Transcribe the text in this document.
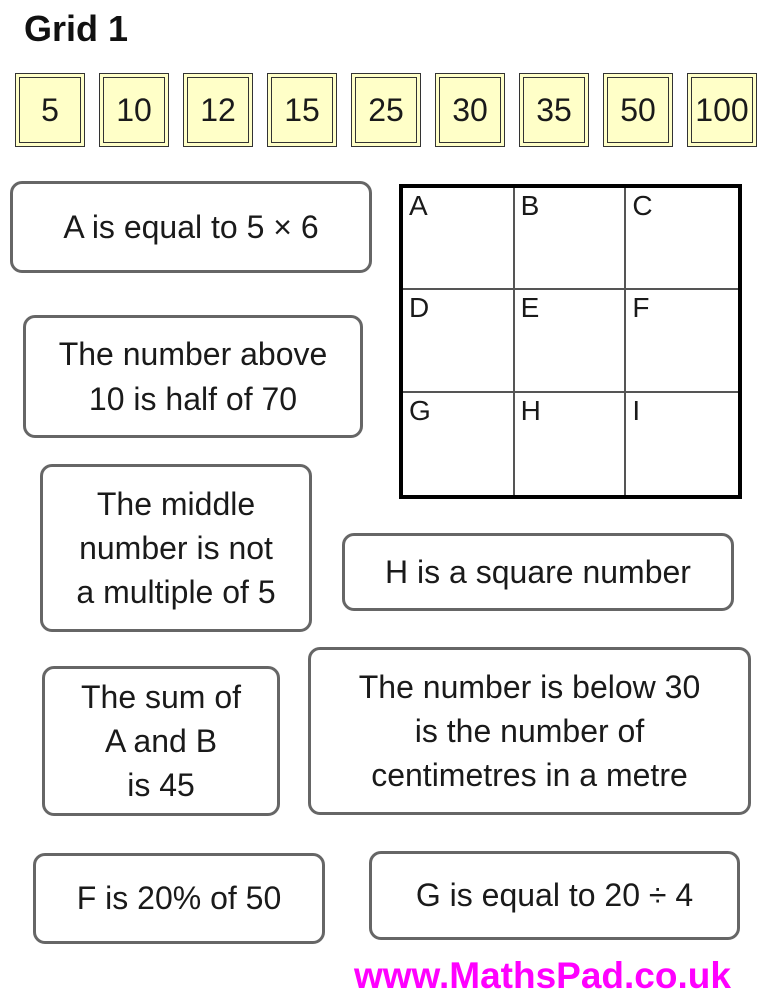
Grid 1
5	10	12	15	25	30	35	50	100
A is equal to 5 × 6
The number above
10 is half of 70
The middle
number is not
a multiple of 5
H is a square number
The sum of
A and B
is 45
The number is below 30
is the number of
centimetres in a metre
F is 20% of 50	G is equal to 20 ÷ 4
A	B	C
D	E	F
G	H	I
www.MathsPad.co.uk
